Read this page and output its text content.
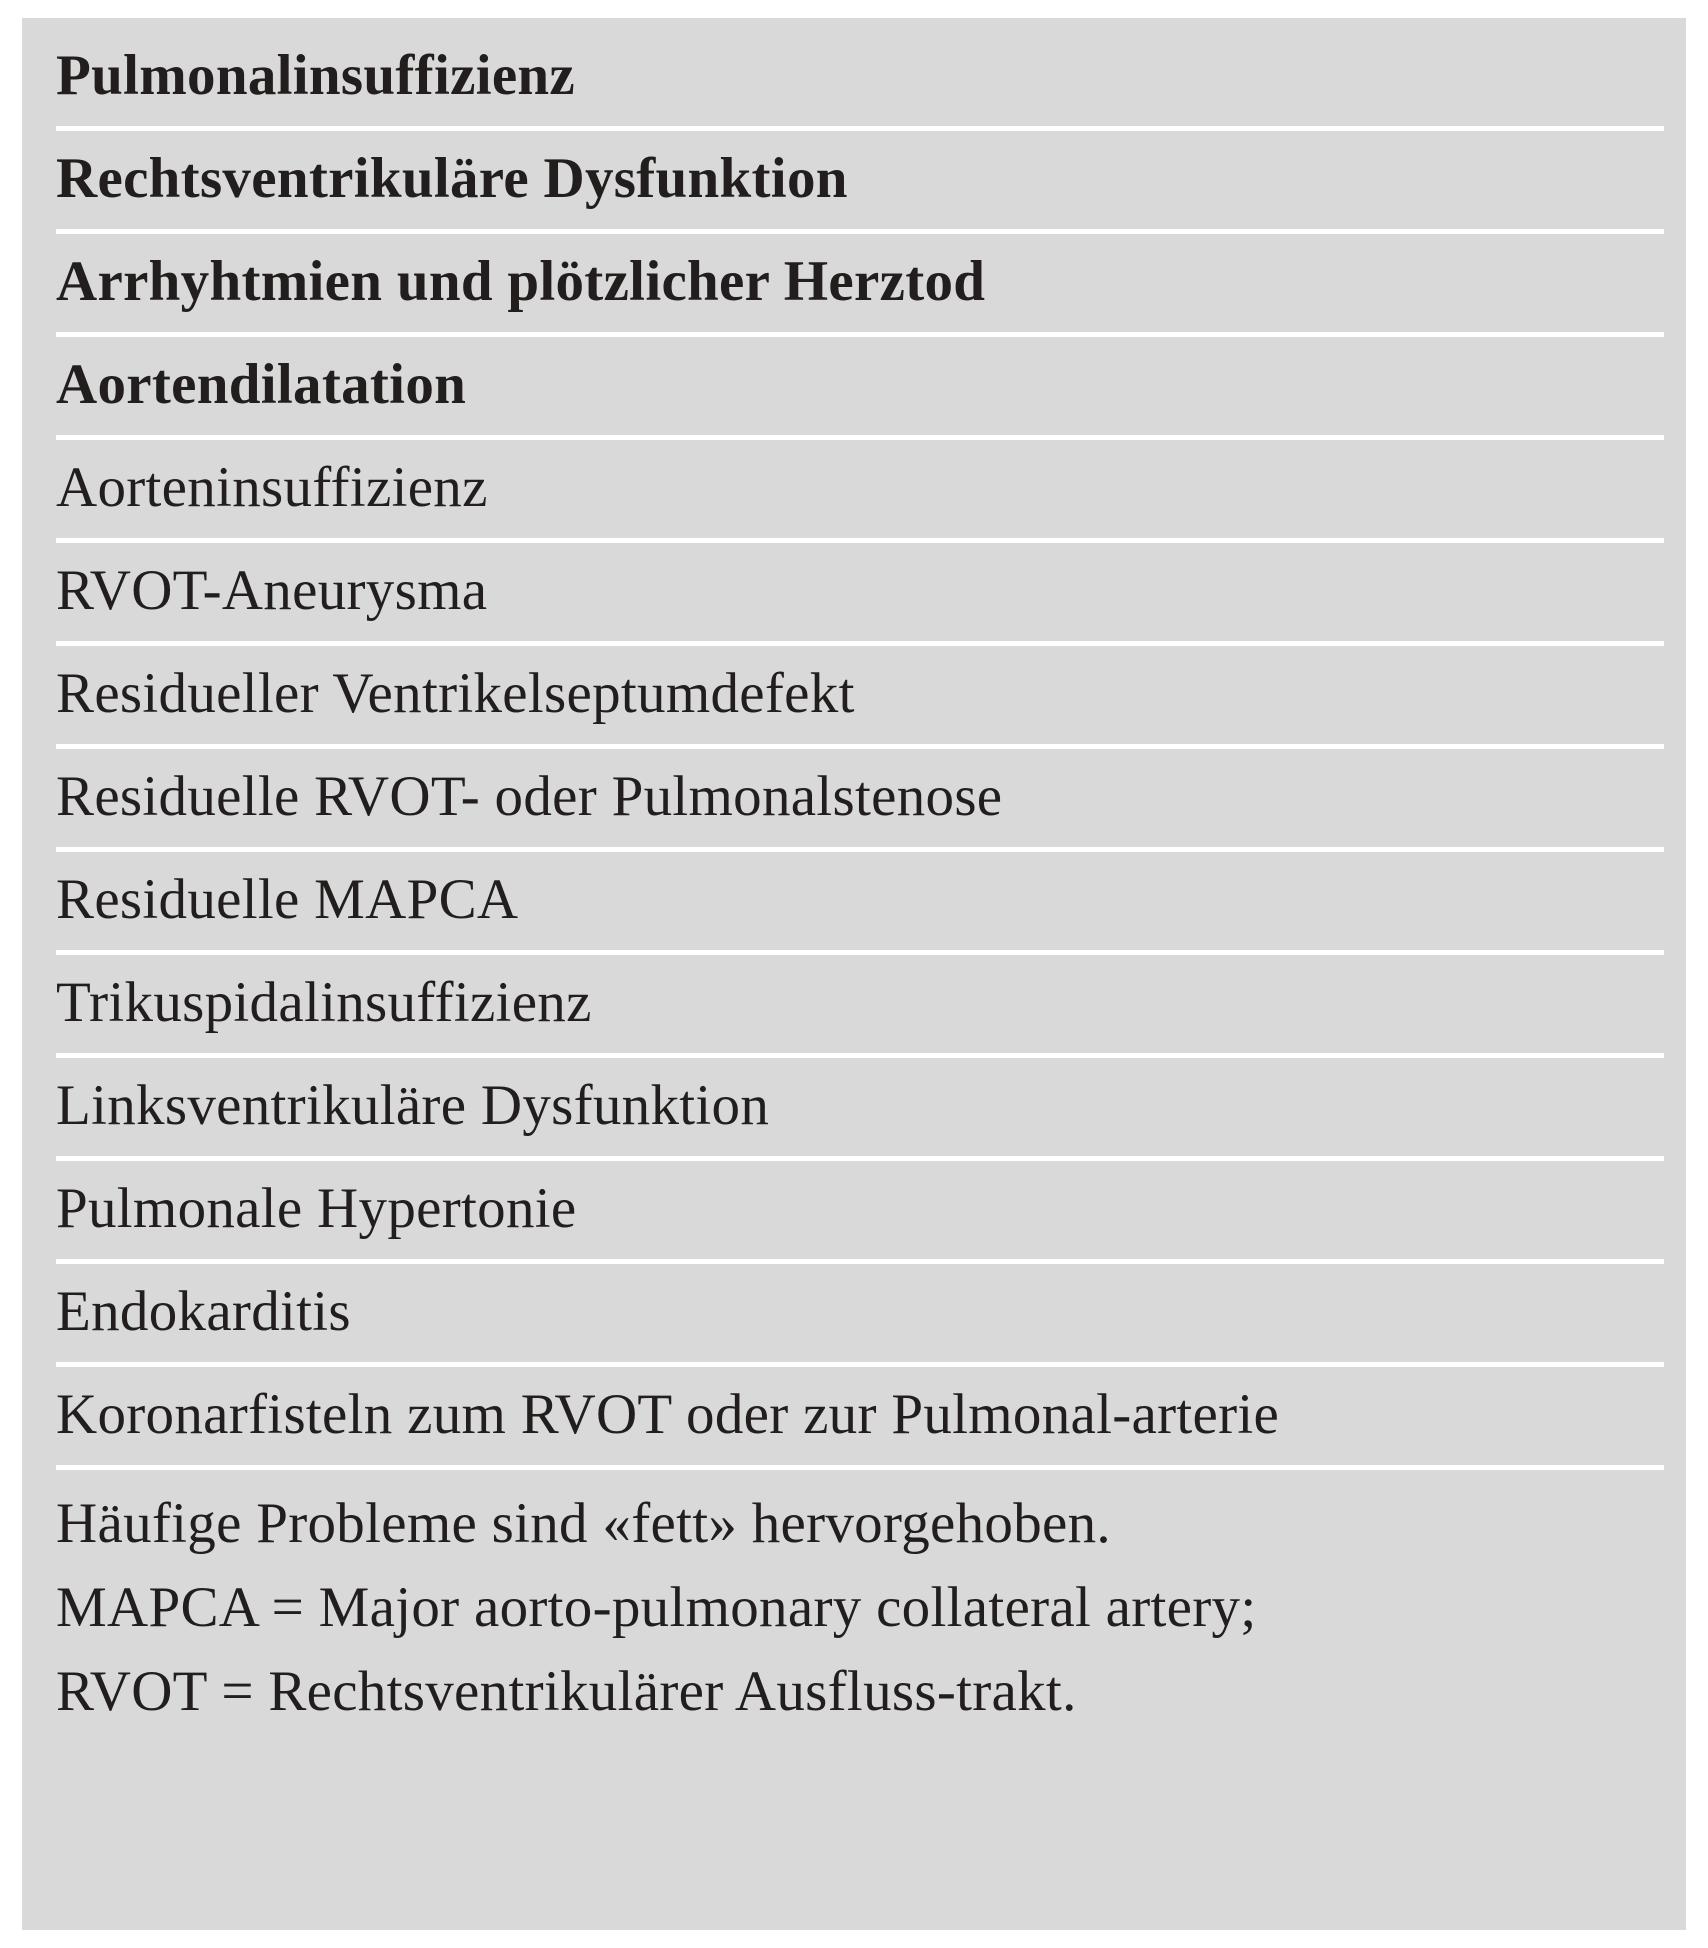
Pulmonalinsuffizienz
Rechtsventrikuläre Dysfunktion
Arrhyhtmien und plötzlicher Herztod
Aortendilatation
Aorteninsuffizienz
RVOT-Aneurysma
Residueller Ventrikelseptumdefekt
Residuelle RVOT- oder Pulmonalstenose
Residuelle MAPCA
Trikuspidalinsuffizienz
Linksventrikuläre Dysfunktion
Pulmonale Hypertonie
Endokarditis
Koronarfisteln zum RVOT oder zur Pulmonal-arterie
Häufige Probleme sind «fett» hervorgehoben. MAPCA = Major aorto-pulmonary collateral artery; RVOT = Rechtsventrikulärer Ausfluss-trakt.
